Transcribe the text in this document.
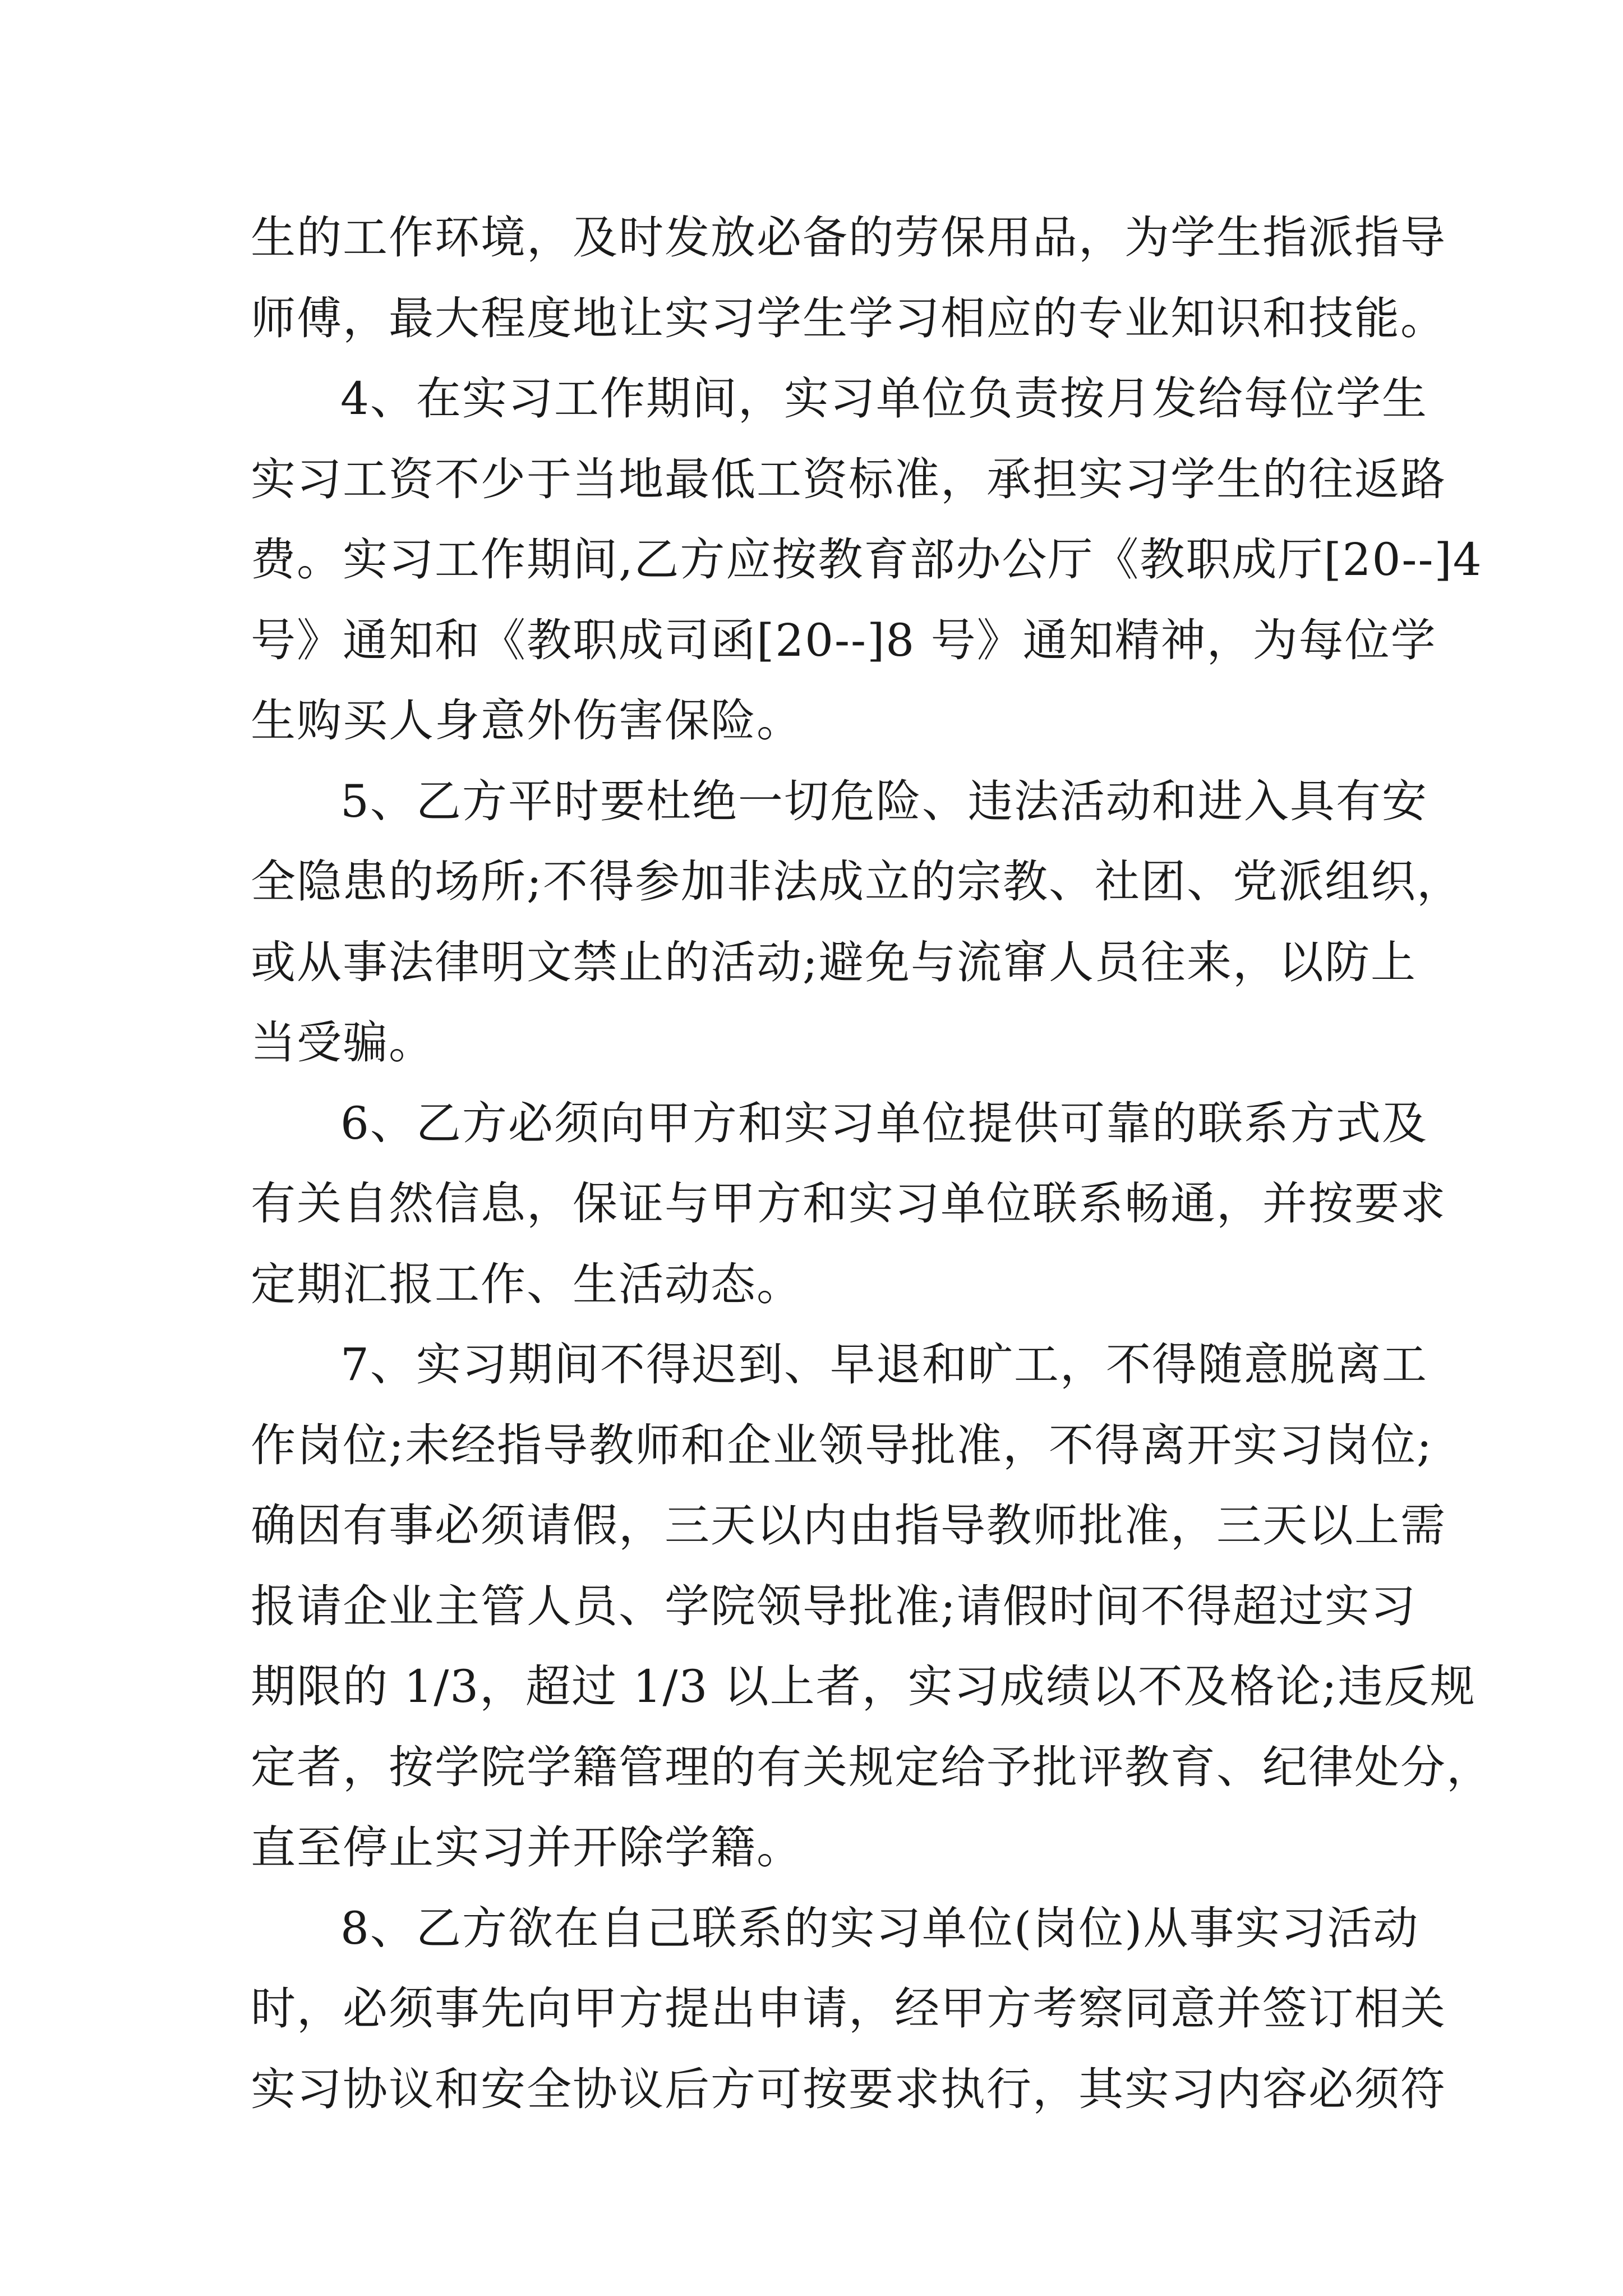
生的工作环境，及时发放必备的劳保用品，为学生指派指导
师傅，最大程度地让实习学生学习相应的专业知识和技能。
4、在实习工作期间，实习单位负责按月发给每位学生
实习工资不少于当地最低工资标准，承担实习学生的往返路
费。实习工作期间,乙方应按教育部办公厅《教职成厅[20--]4
号》通知和《教职成司函[20--]8 号》通知精神，为每位学
生购买人身意外伤害保险。
5、乙方平时要杜绝一切危险、违法活动和进入具有安
全隐患的场所;不得参加非法成立的宗教、社团、党派组织，
或从事法律明文禁止的活动;避免与流窜人员往来，以防上
当受骗。
6、乙方必须向甲方和实习单位提供可靠的联系方式及
有关自然信息，保证与甲方和实习单位联系畅通，并按要求
定期汇报工作、生活动态。
7、实习期间不得迟到、早退和旷工，不得随意脱离工
作岗位;未经指导教师和企业领导批准，不得离开实习岗位;
确因有事必须请假，三天以内由指导教师批准，三天以上需
报请企业主管人员、学院领导批准;请假时间不得超过实习
期限的 1/3，超过 1/3 以上者，实习成绩以不及格论;违反规
定者，按学院学籍管理的有关规定给予批评教育、纪律处分，
直至停止实习并开除学籍。
8、乙方欲在自己联系的实习单位(岗位)从事实习活动
时，必须事先向甲方提出申请，经甲方考察同意并签订相关
实习协议和安全协议后方可按要求执行，其实习内容必须符
